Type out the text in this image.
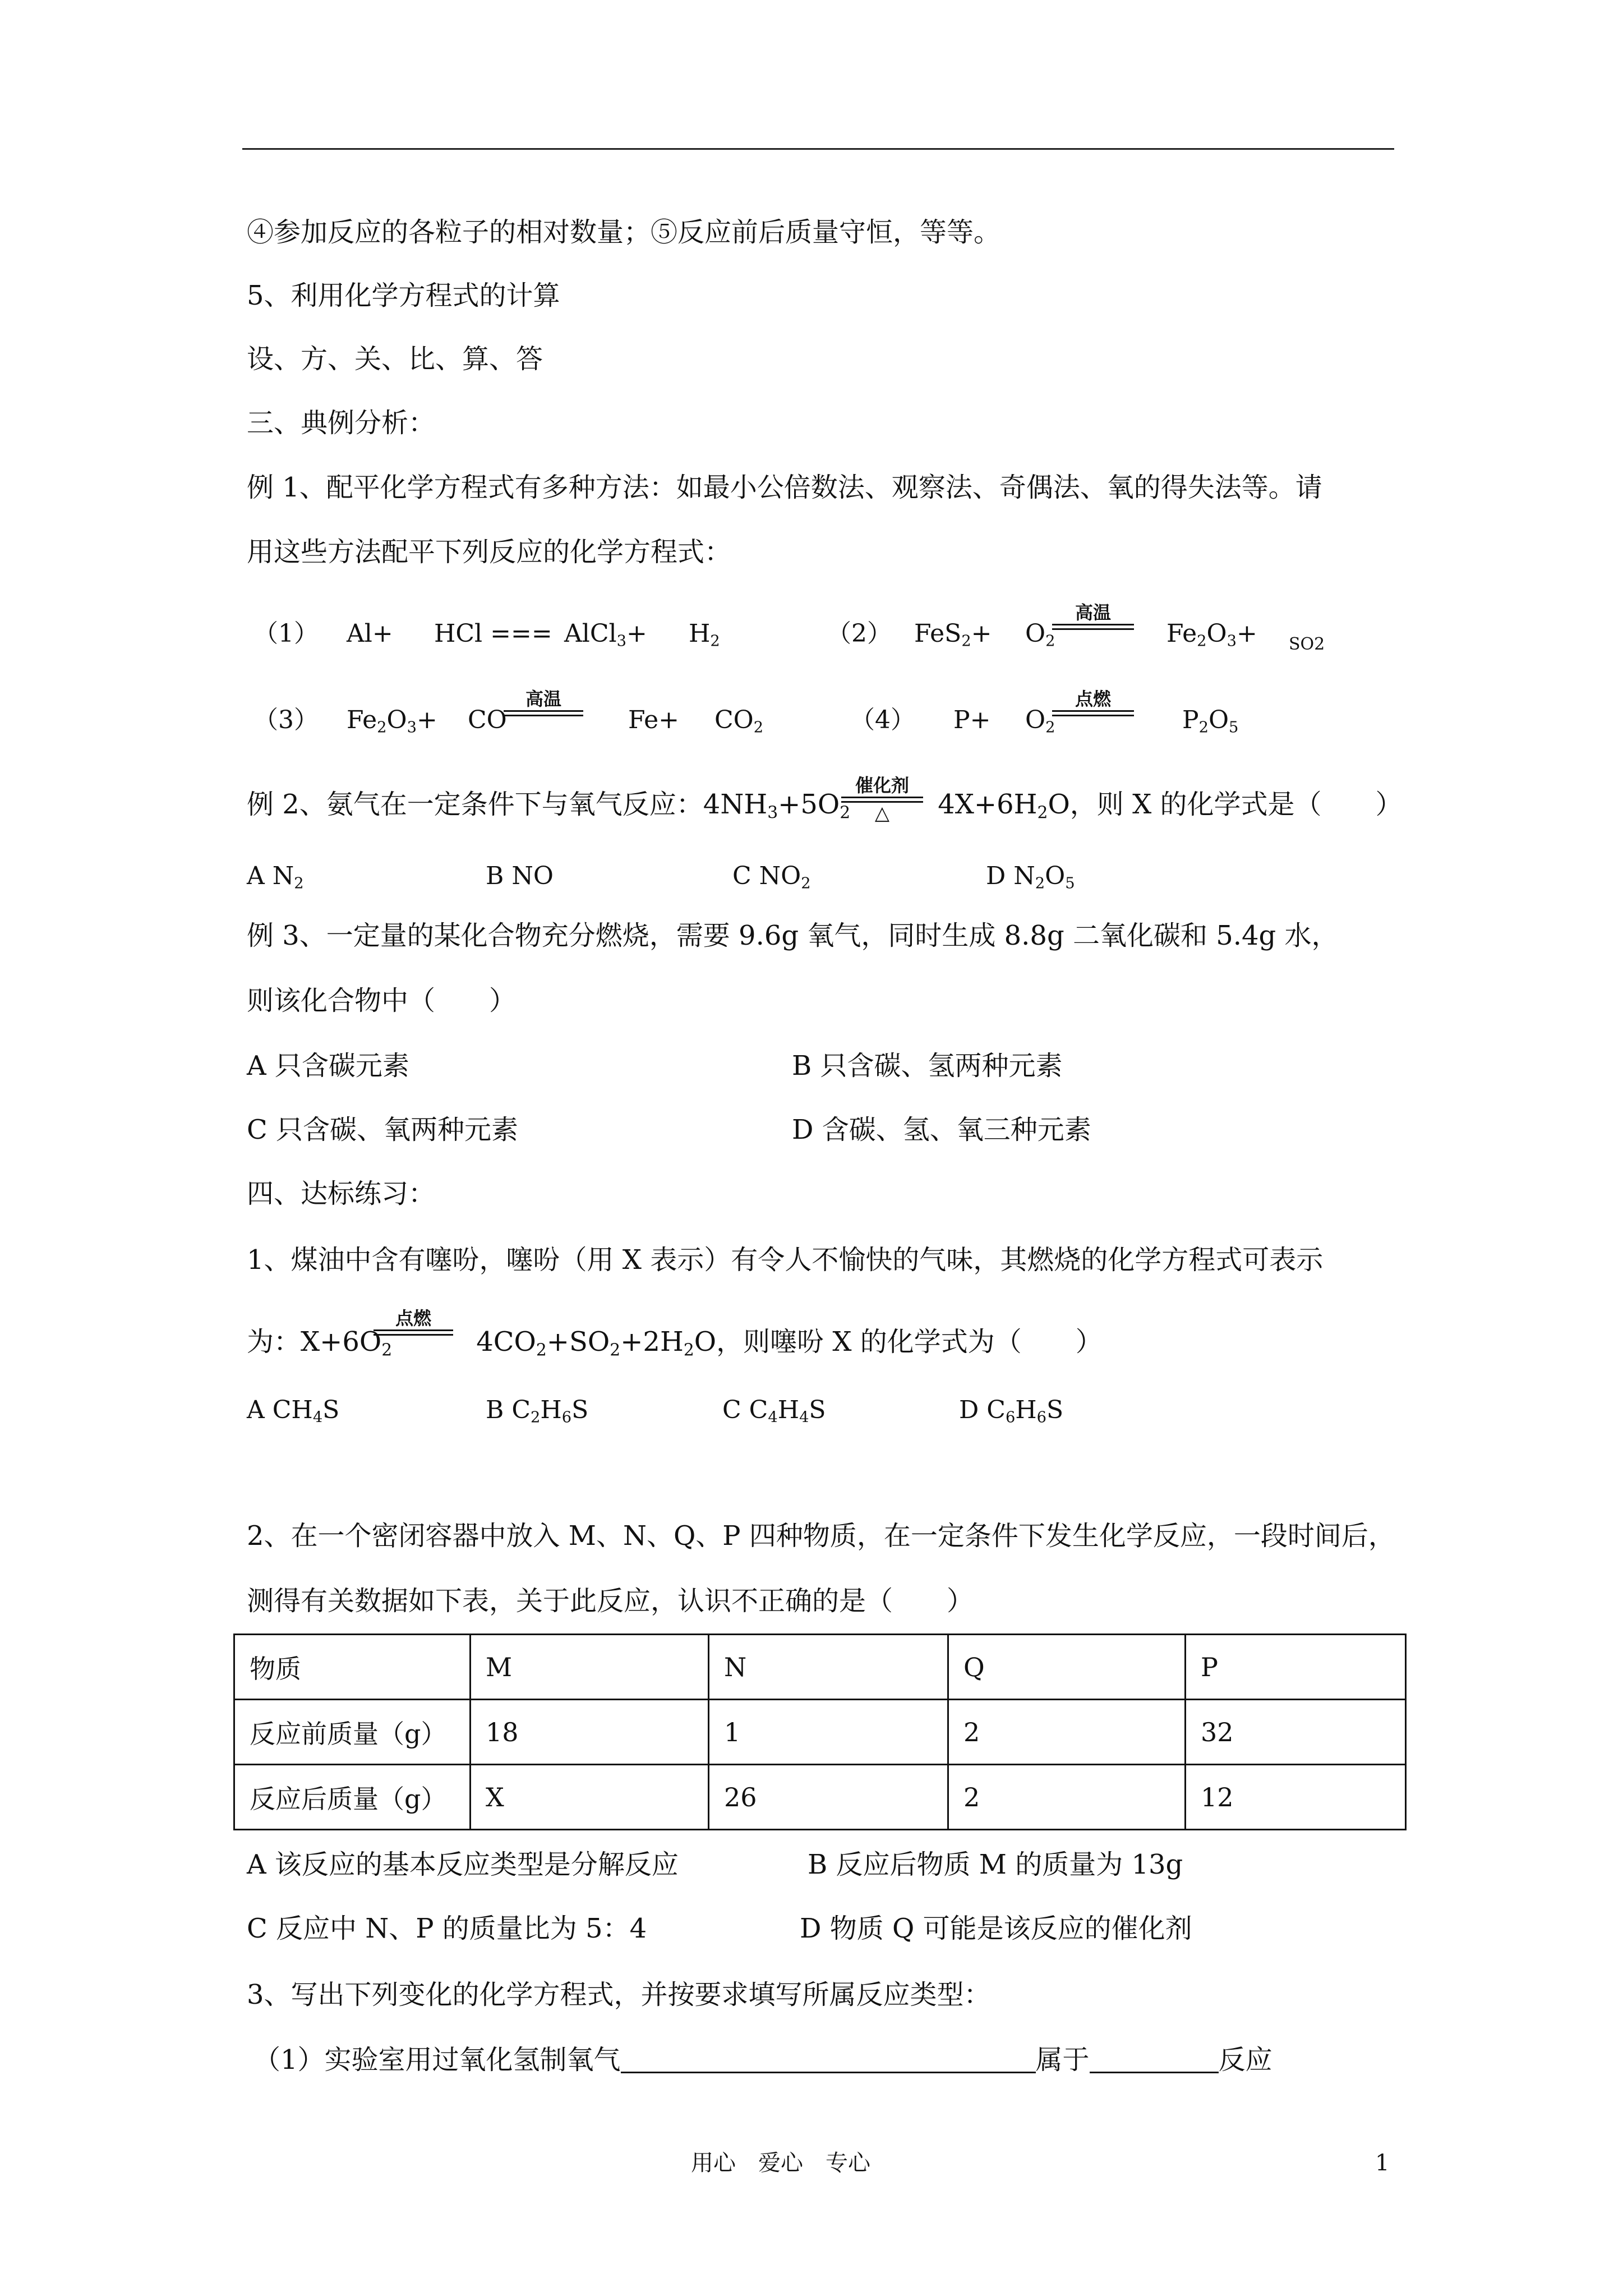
④参加反应的各粒子的相对数量；⑤反应前后质量守恒，等等。
5、利用化学方程式的计算
设、方、关、比、算、答
三、典例分析：
例 1、配平化学方程式有多种方法：如最小公倍数法、观察法、奇偶法、氧的得失法等。请
用这些方法配平下列反应的化学方程式：
（1） Al+ HCl === AlCl$_3$+ $H_2$	（2） $FeS_2+ O_2$
高温
$Fe_2O_3+ SO2$
（3） $Fe_2O_3+$ CO
高温
$Fe+ CO_2$	（4） $P+ O_2$
点燃
$P_2O_5$
例 2、氨气在一定条件下与氧气反应：$4NH_3+5O_2$	$4X+6H_2O$，则 X 的化学式是（　　）
催化剂
△
A $N_2$	B NO	C $NO_2$	D $N_2O_5$
例 3、一定量的某化合物充分燃烧，需要 9.6g 氧气，同时生成 8.8g 二氧化碳和 5.4g 水，
则该化合物中（　　）
A 只含碳元素	B 只含碳、氢两种元素
C 只含碳、氧两种元素	D 含碳、氢、氧三种元素
四、达标练习：
1、煤油中含有噻吩，噻吩（用 X 表示）有令人不愉快的气味，其燃烧的化学方程式可表示
为：$X+6O_2$	$4CO_2+SO_2+2H_2O$，则噻吩 X 的化学式为（　　）
点燃
A $CH_4S$	B $C_2H_6S$	C $C_4H_4S$	D $C_6H_6S$
2、在一个密闭容器中放入 M、N、Q、P 四种物质，在一定条件下发生化学反应，一段时间后，
测得有关数据如下表，关于此反应，认识不正确的是（　　）
物质	M	N	Q	P
反应前质量（g）	18	1	2	32
反应后质量（g）	X	26	2	12
A 该反应的基本反应类型是分解反应	B 反应后物质 M 的质量为 13g
C 反应中 N、P 的质量比为 5：4	D 物质 Q 可能是该反应的催化剂
3、写出下列变化的化学方程式，并按要求填写所属反应类型：
（1）实验室用过氧化氢制氧气	属于	反应
用心　爱心　专心	1
